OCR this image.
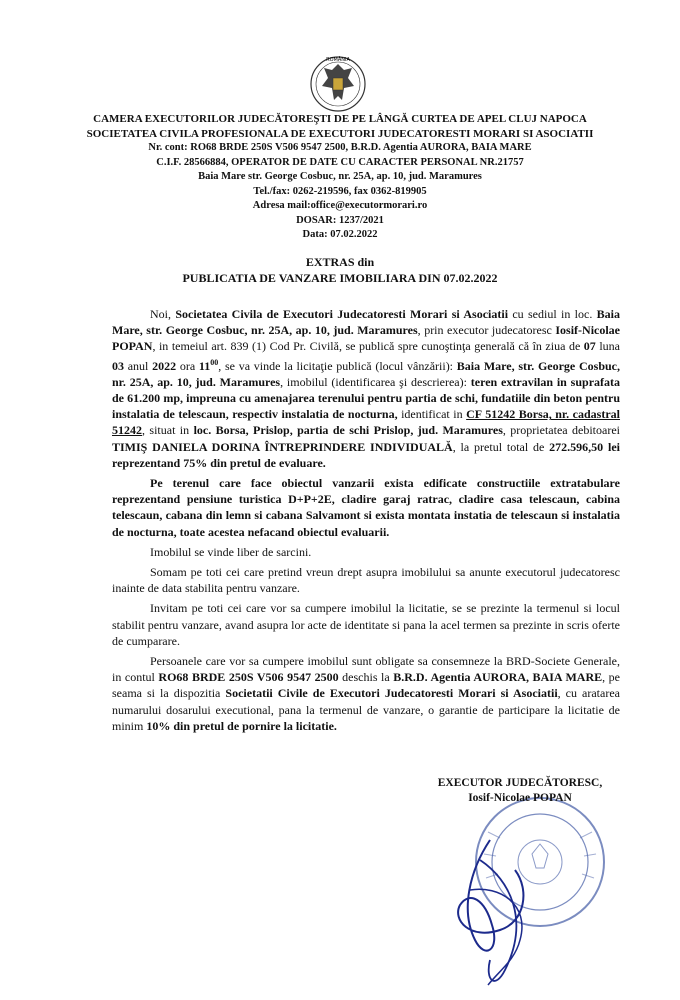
ROMÂNIA
CAMERA EXECUTORILOR JUDECĂTOREŞTI DE PE LÂNGĂ CURTEA DE APEL CLUJ NAPOCA
SOCIETATEA CIVILA PROFESIONALA DE EXECUTORI JUDECATORESTI MORARI SI ASOCIATII
Nr. cont: RO68 BRDE 250S V506 9547 2500, B.R.D. Agentia AURORA, BAIA MARE
C.I.F. 28566884, OPERATOR DE DATE CU CARACTER PERSONAL NR.21757
Baia Mare str. George Cosbuc, nr. 25A, ap. 10, jud. Maramures
Tel./fax: 0262-219596, fax 0362-819905
Adresa mail:office@executormorari.ro
DOSAR: 1237/2021
Data: 07.02.2022
EXTRAS din
PUBLICATIA DE VANZARE IMOBILIARA DIN 07.02.2022

Noi, Societatea Civila de Executori Judecatoresti Morari si Asociatii cu sediul in loc. Baia Mare, str. George Cosbuc, nr. 25A, ap. 10, jud. Maramures, prin executor judecatoresc Iosif-Nicolae POPAN, in temeiul art. 839 (1) Cod Pr. Civilă, se publică spre cunoştinţa generală că în ziua de 07 luna 03 anul 2022 ora $11^{00}$, se va vinde la licitaţie publică (locul vânzării): Baia Mare, str. George Cosbuc, nr. 25A, ap. 10, jud. Maramures, imobilul (identificarea şi descrierea): teren extravilan in suprafata de 61.200 mp, impreuna cu amenajarea terenului pentru partia de schi, fundatiile din beton pentru instalatia de telescaun, respectiv instalatia de nocturna, identificat in CF 51242 Borsa, nr. cadastral 51242, situat in loc. Borsa, Prislop, partia de schi Prislop, jud. Maramures, proprietatea debitoarei TIMIŞ DANIELA DORINA ÎNTREPRINDERE INDIVIDUALĂ, la pretul total de 272.596,50 lei reprezentand 75% din pretul de evaluare.

Pe terenul care face obiectul vanzarii exista edificate constructiile extratabulare reprezentand pensiune turistica D+P+2E, cladire garaj ratrac, cladire casa telescaun, cabina telescaun, cabana din lemn si cabana Salvamont si exista montata instatia de telescaun si instalatia de nocturna, toate acestea nefacand obiectul evaluarii.

Imobilul se vinde liber de sarcini.

Somam pe toti cei care pretind vreun drept asupra imobilului sa anunte executorul judecatoresc inainte de data stabilita pentru vanzare.

Invitam pe toti cei care vor sa cumpere imobilul la licitatie, se se prezinte la termenul si locul stabilit pentru vanzare, avand asupra lor acte de identitate si pana la acel termen sa prezinte in scris oferte de cumparare.

Persoanele care vor sa cumpere imobilul sunt obligate sa consemneze la BRD-Societe Generale, in contul RO68 BRDE 250S V506 9547 2500 deschis la B.R.D. Agentia AURORA, BAIA MARE, pe seama si la dispozitia Societatii Civile de Executori Judecatoresti Morari si Asociatii, cu aratarea numarului dosarului executional, pana la termenul de vanzare, o garantie de participare la licitatie de minim 10% din pretul de pornire la licitatie.

EXECUTOR JUDECĂTORESC,
Iosif-Nicolae POPAN
